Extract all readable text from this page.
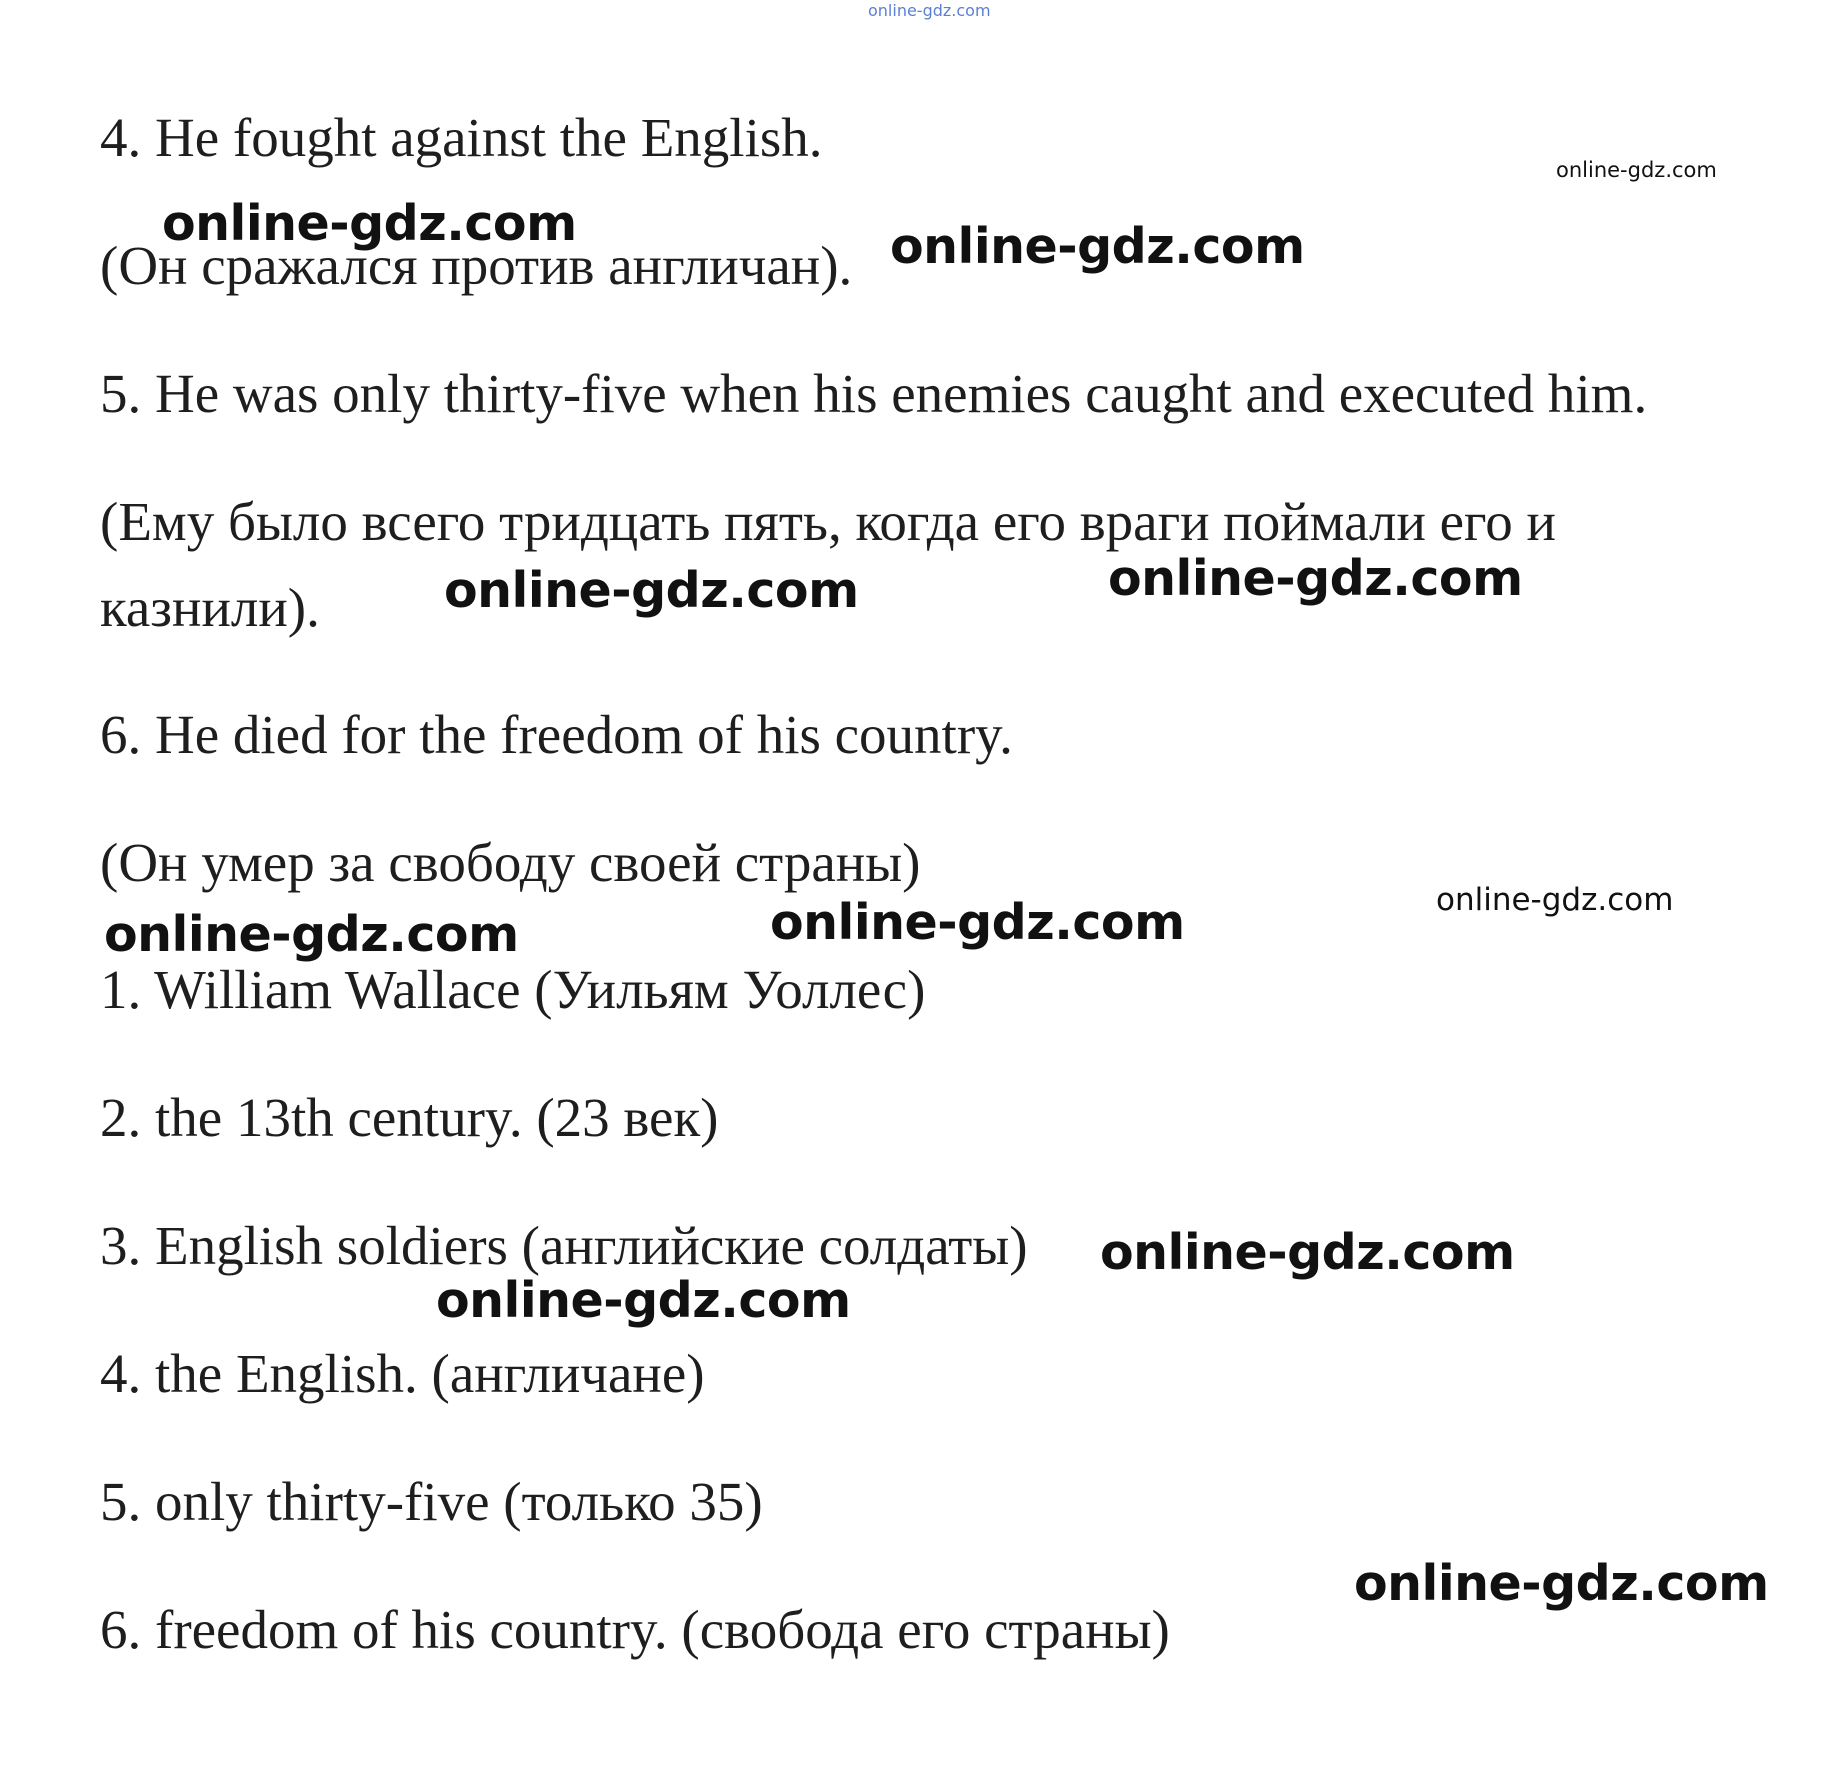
online-gdz.com

4. He fought against the English.

(Он сражался против англичан).

5. He was only thirty-five when his enemies caught and executed him.

(Ему было всего тридцать пять, когда его враги поймали его и

казнили).

6. He died for the freedom of his country.

(Он умер за свободу своей страны)

1. William Wallace (Уильям Уоллес)

2. the 13th century. (23 век)

3. English soldiers (английские солдаты)

4. the English. (англичане)

5. only thirty-five (только 35)

6. freedom of his country. (свобода его страны)

online-gdz.com
online-gdz.com	online-gdz.com
online-gdz.com	online-gdz.com
online-gdz.com
online-gdz.com	online-gdz.com
online-gdz.com
online-gdz.com
online-gdz.com
